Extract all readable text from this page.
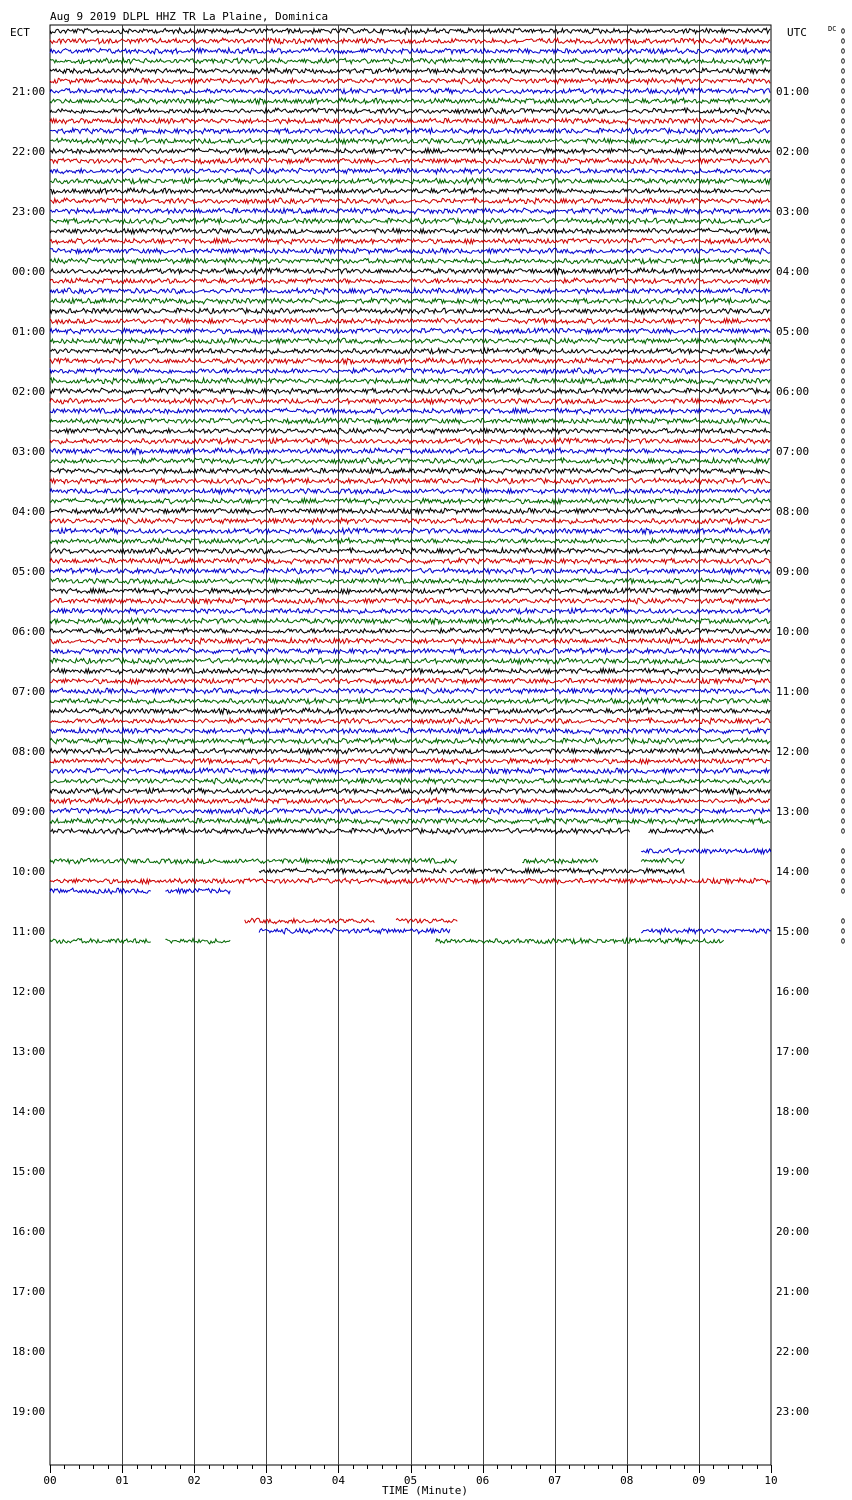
Aug 9 2019 DLPL HHZ TR La Plaine, Dominica
ECT	UTC	DC
21:00
22:00
23:00
00:00
01:00
02:00
03:00
04:00
05:00
06:00
07:00
08:00
09:00
10:00
11:00
12:00
13:00
14:00
15:00
16:00
17:00
18:00
19:00
01:00
02:00
03:00
04:00
05:00
06:00
07:00
08:00
09:00
10:00
11:00
12:00
13:00
14:00
15:00
16:00
17:00
18:00
19:00
20:00
21:00
22:00
23:00
00	01	02	03	04	05	06	07	08	09	10
TIME (Minute)
